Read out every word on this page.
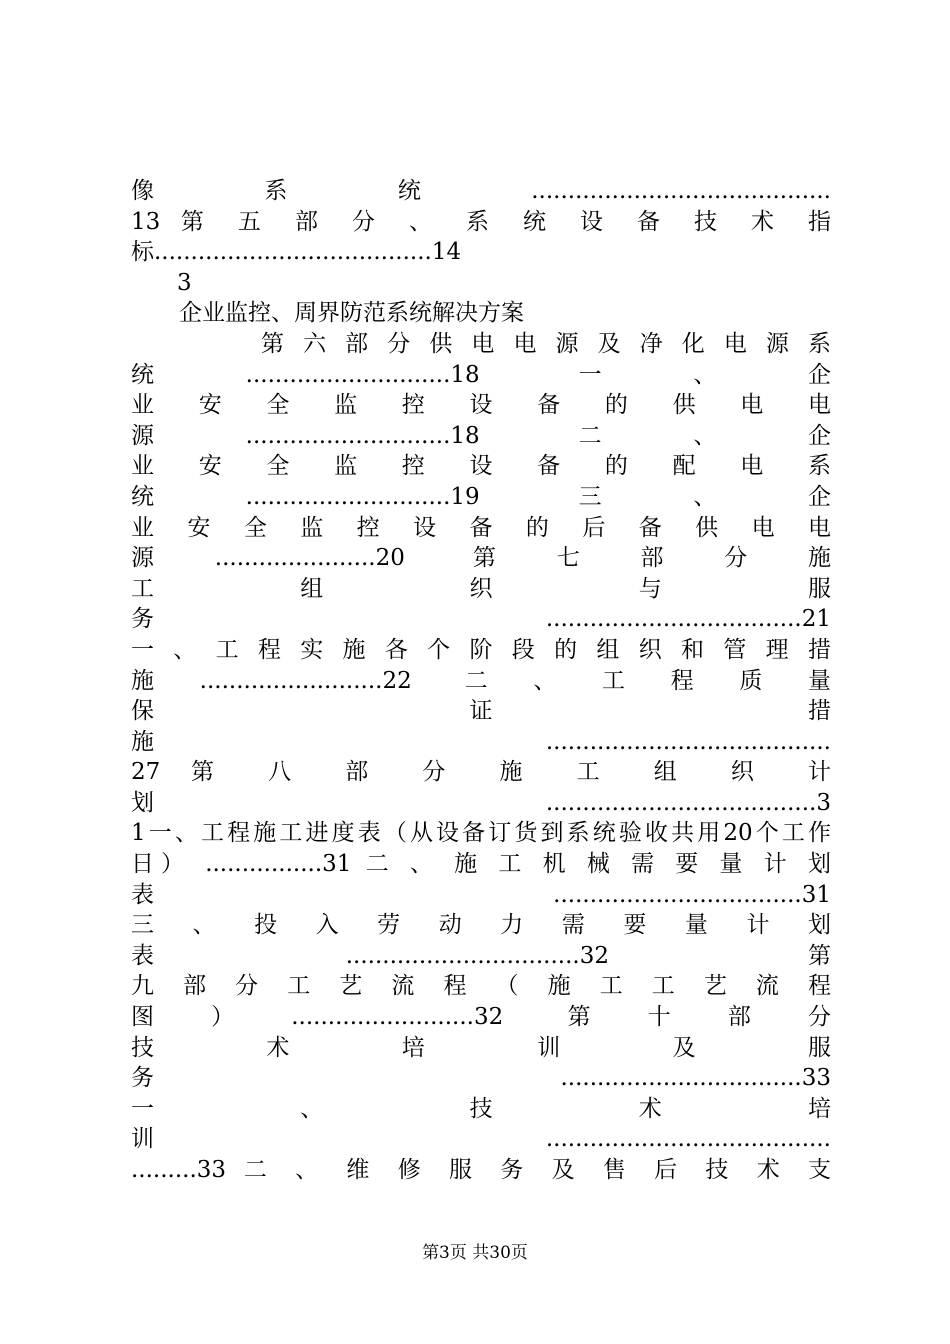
像系统.........................................
13 第 五 部 分 、 系 统 设 备 技 术 指
标......................................14
3
企业监控、周界防范系统解决方案
第 六 部 分 供 电 电 源 及 净 化 电 源 系
统............................18 一、企
业 安 全 监 控 设 备 的 供 电 电
源............................18 二、企
业 安 全 监 控 设 备 的 配 电 系
统............................19 三、企
业 安 全 监 控 设 备 的 后 备 供 电 电
源......................20 第七部分施
工 组 织 与 服
务...................................21
一 、 工 程 实 施 各 个 阶 段 的 组 织 和 管 理 措
施.........................22 二、工程质量
保 证 措
施.......................................
27 第 八 部 分 施 工 组 织 计
划.....................................3
1一、工程施工进度表（从设备订货到系统验收共用20个工作
日） ................31 二 、 施 工 机 械 需 要 量 计 划
表 ..................................31
三 、 投 入 劳 动 力 需 要 量 计 划
表................................32 第
九 部 分 工 艺 流 程 （ 施 工 工 艺 流 程
图）.........................32 第十部分
技 术 培 训 及 服
务 .................................33
一 、 技 术 培
训.......................................
.........33 二 、 维 修 服 务 及 售 后 技 术 支
第3页 共30页
